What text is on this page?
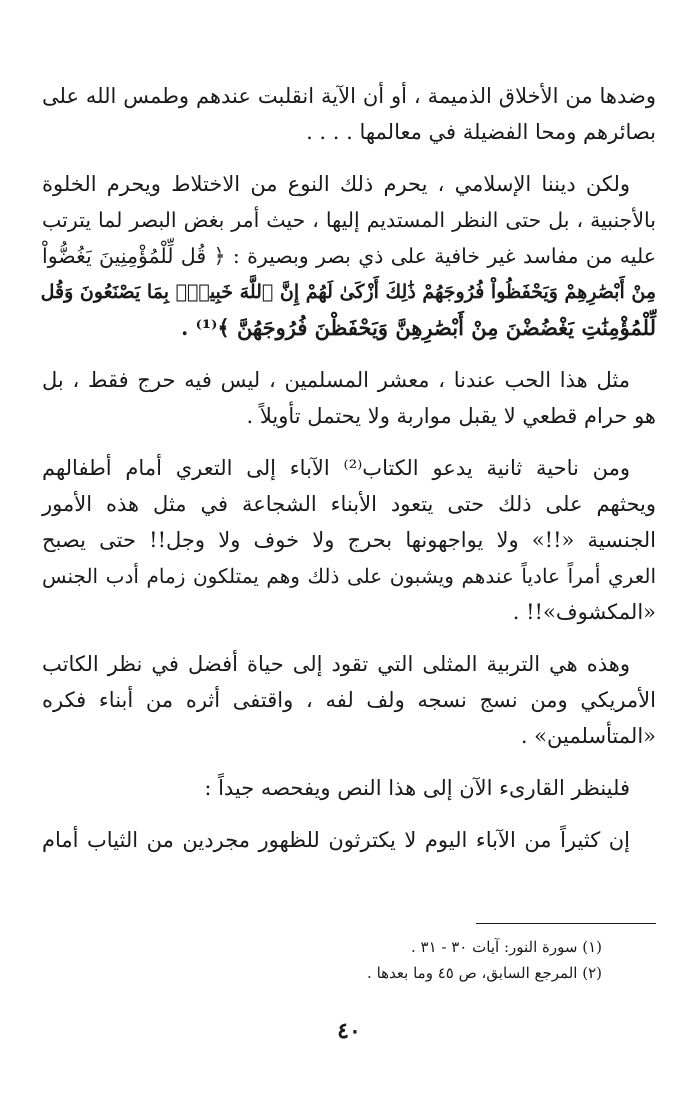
وضدها من الأخلاق الذميمة ، أو أن الآية انقلبت عندهم وطمس الله على
بصائرهم ومحا الفضيلة في معالمها . . . .
ولكن ديننا الإسلامي ، يحرم ذلك النوع من الاختلاط ويحرم الخلوة
بالأجنبية ، بل حتى النظر المستديم إليها ، حيث أمر بغض البصر لما يترتب
عليه من مفاسد غير خافية على ذي بصر وبصيرة : ﴿ قُل لِّلْمُؤْمِنِينَ يَغُضُّواْ
مِنْ أَبْصَٰرِهِمْ وَيَحْفَظُواْ فُرُوجَهُمْ ذَٰلِكَ أَزْكَىٰ لَهُمْ إِنَّ ٱللَّهَ خَبِيرٌۢ بِمَا يَصْنَعُونَ وَقُل
لِّلْمُؤْمِنَٰتِ يَغْضُضْنَ مِنْ أَبْصَٰرِهِنَّ وَيَحْفَظْنَ فُرُوجَهُنَّ ﴾⁽¹⁾ .
مثل هذا الحب عندنا ، معشر المسلمين ، ليس فيه حرج فقط ، بل
هو حرام قطعي لا يقبل مواربة ولا يحتمل تأويلاً .
ومن ناحية ثانية يدعو الكتاب⁽²⁾ الآباء إلى التعري أمام أطفالهم
ويحثهم على ذلك حتى يتعود الأبناء الشجاعة في مثل هذه الأمور
الجنسية «!!» ولا يواجهونها بحرج ولا خوف ولا وجل!! حتى يصبح
العري أمراً عادياً عندهم ويشبون على ذلك وهم يمتلكون زمام أدب الجنس
«المكشوف»!! .
وهذه هي التربية المثلى التي تقود إلى حياة أفضل في نظر الكاتب
الأمريكي ومن نسج نسجه ولف لفه ، واقتفى أثره من أبناء فكره
«المتأسلمين» .
فلينظر القارىء الآن إلى هذا النص ويفحصه جيداً :
إن كثيراً من الآباء اليوم لا يكترثون للظهور مجردين من الثياب أمام
(١) سورة النور: آيات ٣٠ - ٣١ .
(٢) المرجع السابق، ص ٤٥ وما بعدها .
٤٠
